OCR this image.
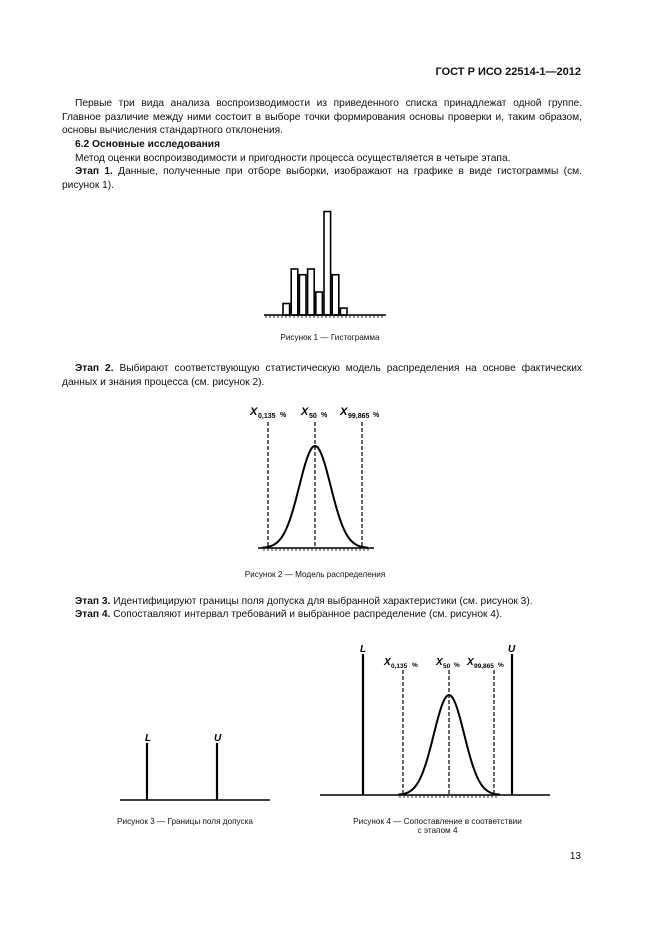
ГОСТ Р ИСО 22514-1—2012
Первые три вида анализа воспроизводимости из приведенного списка принадлежат одной группе. Главное различие между ними состоит в выборе точки формирования основы проверки и, таким образом, основы вычисления стандартного отклонения.
6.2 Основные исследования
Метод оценки воспроизводимости и пригодности процесса осуществляется в четыре этапа.
Этап 1. Данные, полученные при отборе выборки, изображают на графике в виде гистограммы (см. рисунок 1).
Рисунок 1 — Гистограмма
Этап 2. Выбирают соответствующую статистическую модель распределения на основе фактических данных и знания процесса (см. рисунок 2).
X 0,135 % X 50 % X 99,865 %
Рисунок 2 — Модель распределения
Этап 3. Идентифицируют границы поля допуска для выбранной характеристики (см. рисунок 3).
Этап 4. Сопоставляют интервал требований и выбранное распределение (см. рисунок 4).
L	U
Рисунок 3 — Границы поля допуска
L	U
X 0,135 % X 50 % X 99,865 %
Рисунок 4 — Сопоставление в соответствии
с этапом 4
13
